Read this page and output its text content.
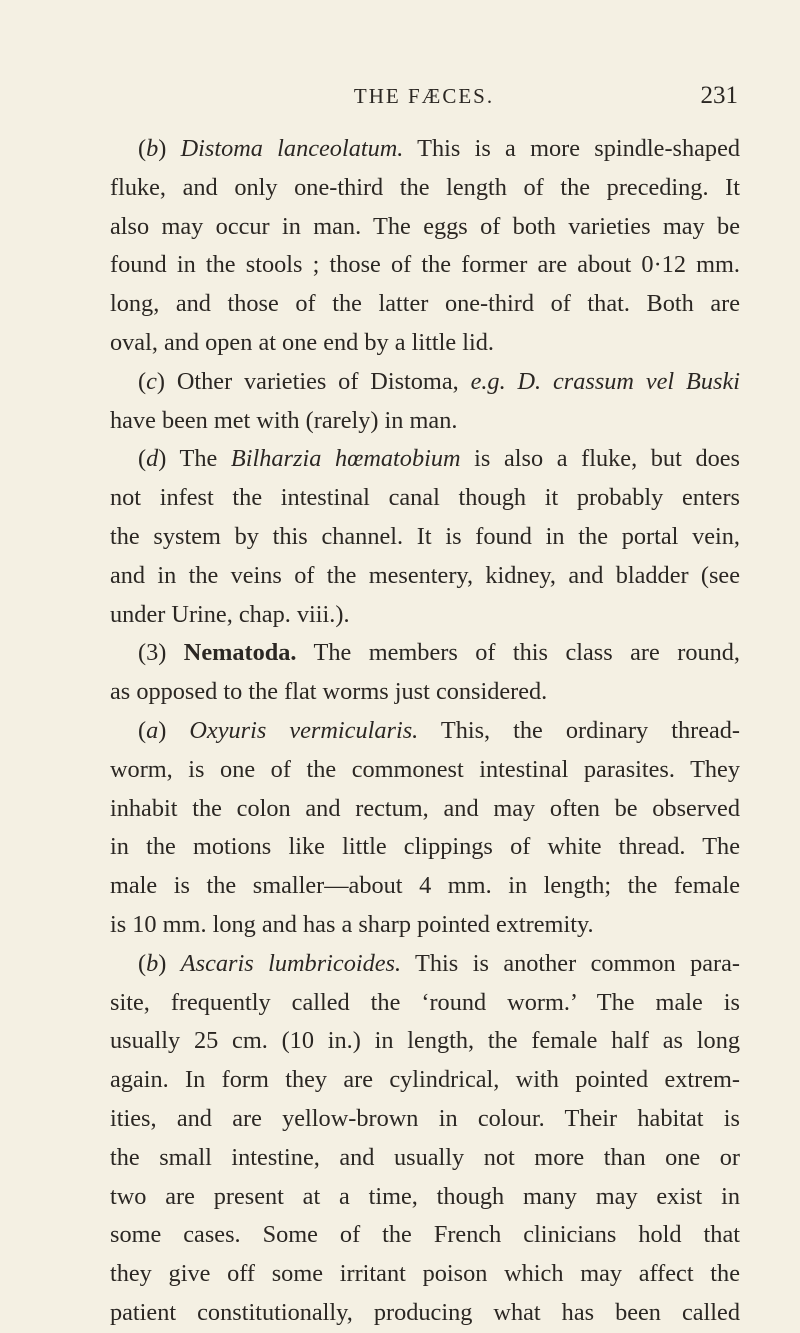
THE FÆCES.	231
(b) Distoma lanceolatum. This is a more spindle-shaped
fluke, and only one-third the length of the preceding. It
also may occur in man. The eggs of both varieties may be
found in the stools ; those of the former are about 0·12 mm.
long, and those of the latter one-third of that. Both are
oval, and open at one end by a little lid.
(c) Other varieties of Distoma, e.g. D. crassum vel Buski
have been met with (rarely) in man.
(d) The Bilharzia hœmatobium is also a fluke, but does
not infest the intestinal canal though it probably enters
the system by this channel. It is found in the portal vein,
and in the veins of the mesentery, kidney, and bladder (see
under Urine, chap. viii.).
(3) Nematoda. The members of this class are round,
as opposed to the flat worms just considered.
(a) Oxyuris vermicularis. This, the ordinary thread-
worm, is one of the commonest intestinal parasites. They
inhabit the colon and rectum, and may often be observed
in the motions like little clippings of white thread. The
male is the smaller—about 4 mm. in length; the female
is 10 mm. long and has a sharp pointed extremity.
(b) Ascaris lumbricoides. This is another common para-
site, frequently called the ‘round worm.’ The male is
usually 25 cm. (10 in.) in length, the female half as long
again. In form they are cylindrical, with pointed extrem-
ities, and are yellow-brown in colour. Their habitat is
the small intestine, and usually not more than one or
two are present at a time, though many may exist in
some cases. Some of the French clinicians hold that
they give off some irritant poison which may affect the
patient constitutionally, producing what has been called
